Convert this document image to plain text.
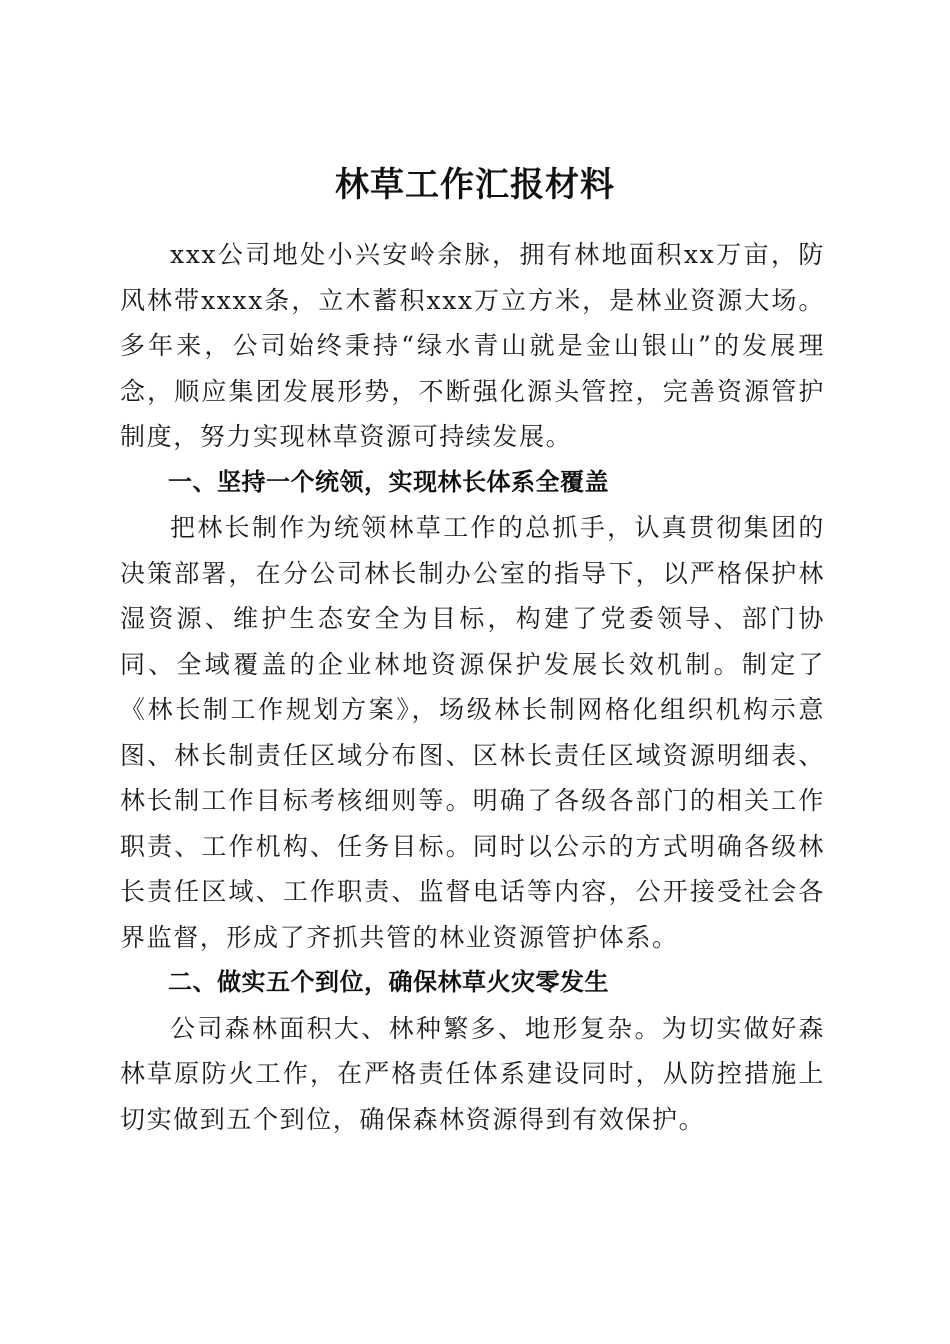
林草工作汇报材料

xxx公司地处小兴安岭余脉，拥有林地面积xx万亩，防风林带xxxx条，立木蓄积xxx万立方米，是林业资源大场。多年来，公司始终秉持“绿水青山就是金山银山”的发展理念，顺应集团发展形势，不断强化源头管控，完善资源管护制度，努力实现林草资源可持续发展。

一、坚持一个统领，实现林长体系全覆盖

把林长制作为统领林草工作的总抓手，认真贯彻集团的决策部署，在分公司林长制办公室的指导下，以严格保护林湿资源、维护生态安全为目标，构建了党委领导、部门协同、全域覆盖的企业林地资源保护发展长效机制。制定了《林长制工作规划方案》，场级林长制网格化组织机构示意图、林长制责任区域分布图、区林长责任区域资源明细表、林长制工作目标考核细则等。明确了各级各部门的相关工作职责、工作机构、任务目标。同时以公示的方式明确各级林长责任区域、工作职责、监督电话等内容，公开接受社会各界监督，形成了齐抓共管的林业资源管护体系。

二、做实五个到位，确保林草火灾零发生

公司森林面积大、林种繁多、地形复杂。为切实做好森林草原防火工作，在严格责任体系建设同时，从防控措施上切实做到五个到位，确保森林资源得到有效保护。
